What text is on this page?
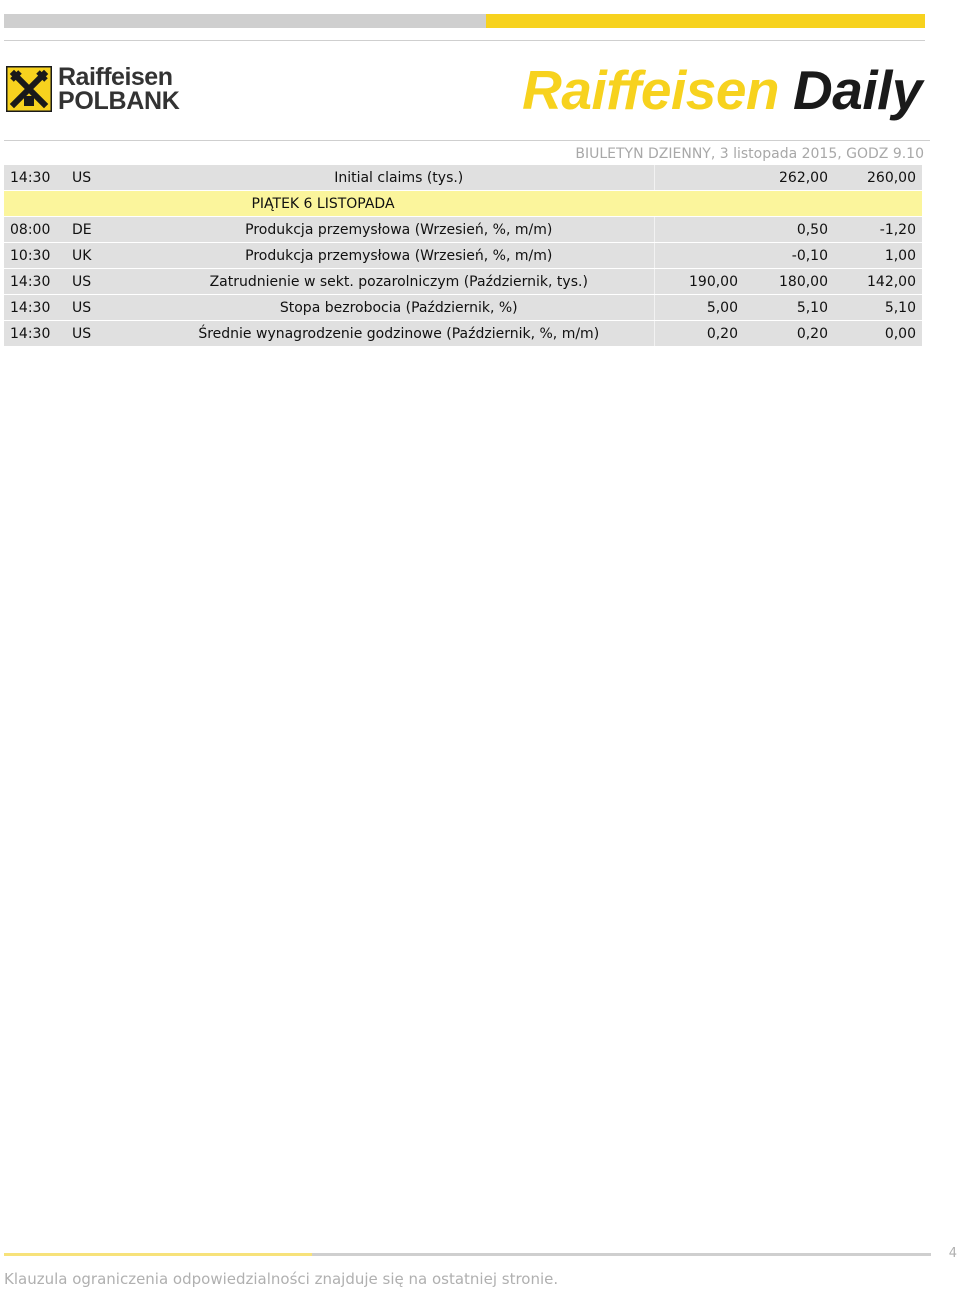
Raiffeisen
POLBANK	Raiffeisen Daily
BIULETYN DZIENNY, 3 listopada 2015, GODZ 9.10
14:30	US	Initial claims (tys.)		262,00	260,00
PIĄTEK 6 LISTOPADA					
08:00	DE	Produkcja przemysłowa (Wrzesień, %, m/m)		0,50	-1,20
10:30	UK	Produkcja przemysłowa (Wrzesień, %, m/m)		-0,10	1,00
14:30	US	Zatrudnienie w sekt. pozarolniczym (Październik, tys.)	190,00	180,00	142,00
14:30	US	Stopa bezrobocia (Październik, %)	5,00	5,10	5,10
14:30	US	Średnie wynagrodzenie godzinowe (Październik, %, m/m)	0,20	0,20	0,00
4
Klauzula ograniczenia odpowiedzialności znajduje się na ostatniej stronie.
